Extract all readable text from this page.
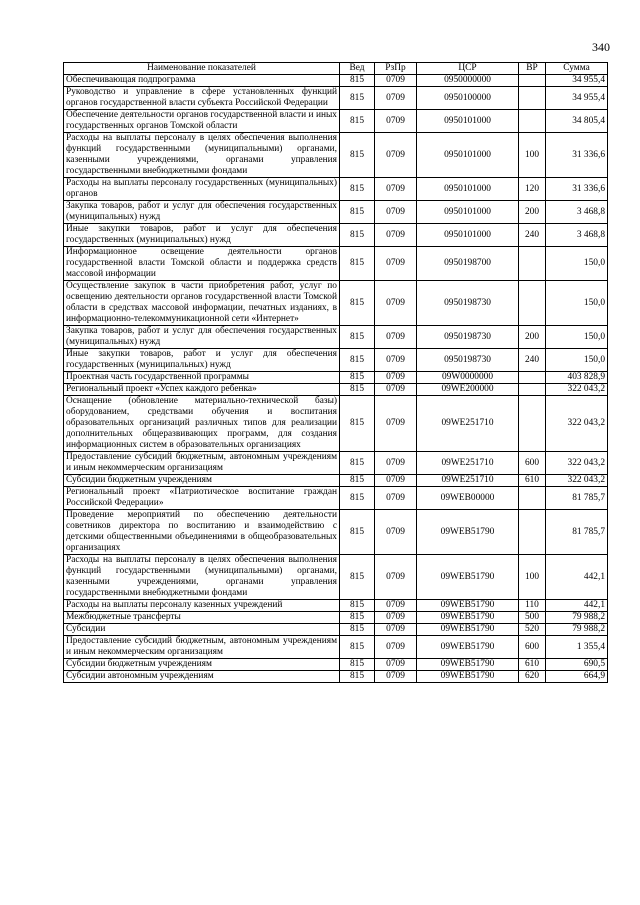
340
Наименование показателей	Вед	РзПр	ЦСР	ВР	Сумма
Обеспечивающая подпрограмма	815	0709	0950000000		34 955,4
Руководство и управление в сфере установленных функций органов государственной власти субъекта Российской Федерации	815	0709	0950100000		34 955,4
Обеспечение деятельности органов государственной власти и иных государственных органов Томской области	815	0709	0950101000		34 805,4
Расходы на выплаты персоналу в целях обеспечения выполнения функций государственными (муниципальными) органами, казенными учреждениями, органами управления государственными внебюджетными фондами	815	0709	0950101000	100	31 336,6
Расходы на выплаты персоналу государственных (муниципальных) органов	815	0709	0950101000	120	31 336,6
Закупка товаров, работ и услуг для обеспечения государственных (муниципальных) нужд	815	0709	0950101000	200	3 468,8
Иные закупки товаров, работ и услуг для обеспечения государственных (муниципальных) нужд	815	0709	0950101000	240	3 468,8
Информационное освещение деятельности органов государственной власти Томской области и поддержка средств массовой информации	815	0709	0950198700		150,0
Осуществление закупок в части приобретения работ, услуг по освещению деятельности органов государственной власти Томской области в средствах массовой информации, печатных изданиях, в информационно-телекоммуникационной сети «Интернет»	815	0709	0950198730		150,0
Закупка товаров, работ и услуг для обеспечения государственных (муниципальных) нужд	815	0709	0950198730	200	150,0
Иные закупки товаров, работ и услуг для обеспечения государственных (муниципальных) нужд	815	0709	0950198730	240	150,0
Проектная часть государственной программы	815	0709	09W0000000		403 828,9
Региональный проект «Успех каждого ребенка»	815	0709	09WE200000		322 043,2
Оснащение (обновление материально-технической базы) оборудованием, средствами обучения и воспитания образовательных организаций различных типов для реализации дополнительных общеразвивающих программ, для создания информационных систем в образовательных организациях	815	0709	09WE251710		322 043,2
Предоставление субсидий бюджетным, автономным учреждениям и иным некоммерческим организациям	815	0709	09WE251710	600	322 043,2
Субсидии бюджетным учреждениям	815	0709	09WE251710	610	322 043,2
Региональный проект «Патриотическое воспитание граждан Российской Федерации»	815	0709	09WEB00000		81 785,7
Проведение мероприятий по обеспечению деятельности советников директора по воспитанию и взаимодействию с детскими общественными объединениями в общеобразовательных организациях	815	0709	09WEB51790		81 785,7
Расходы на выплаты персоналу в целях обеспечения выполнения функций государственными (муниципальными) органами, казенными учреждениями, органами управления государственными внебюджетными фондами	815	0709	09WEB51790	100	442,1
Расходы на выплаты персоналу казенных учреждений	815	0709	09WEB51790	110	442,1
Межбюджетные трансферты	815	0709	09WEB51790	500	79 988,2
Субсидии	815	0709	09WEB51790	520	79 988,2
Предоставление субсидий бюджетным, автономным учреждениям и иным некоммерческим организациям	815	0709	09WEB51790	600	1 355,4
Субсидии бюджетным учреждениям	815	0709	09WEB51790	610	690,5
Субсидии автономным учреждениям	815	0709	09WEB51790	620	664,9
